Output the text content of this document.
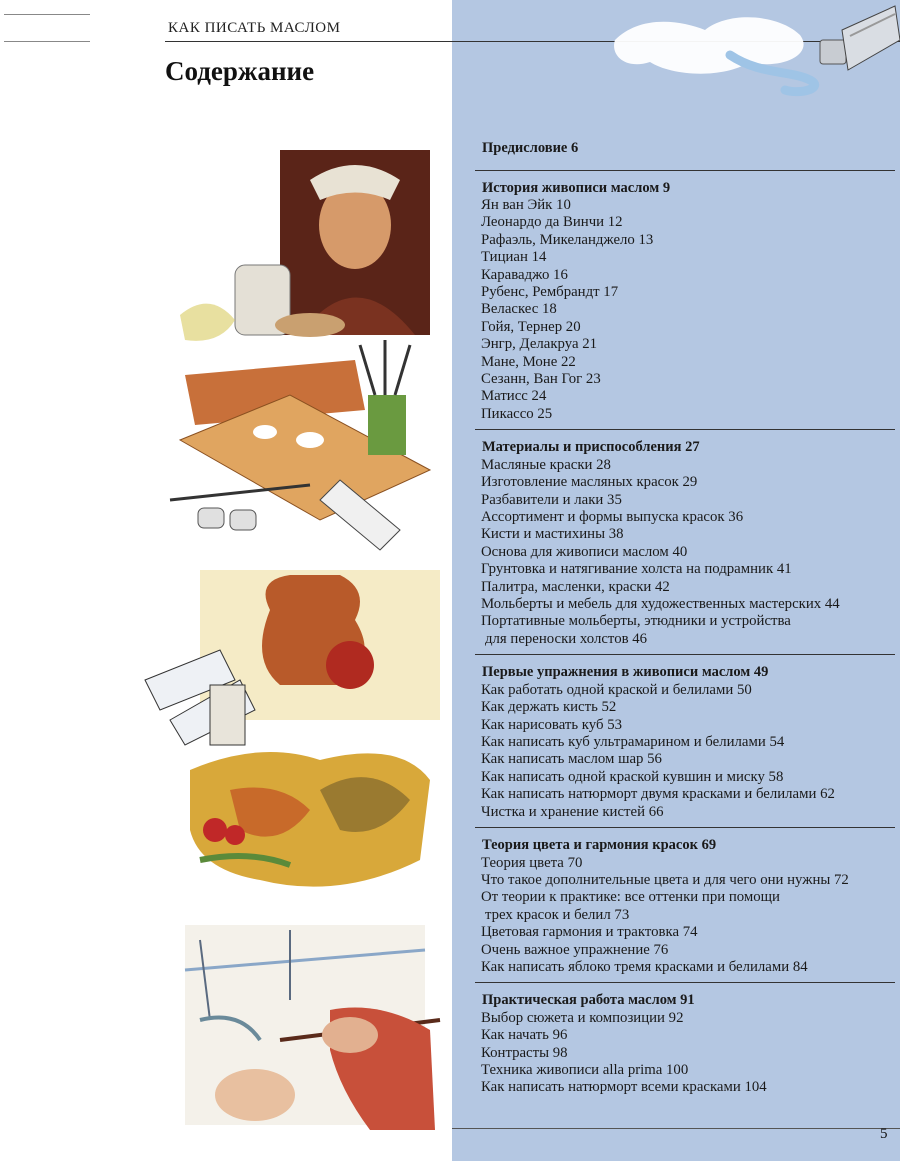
КАК ПИСАТЬ МАСЛОМ
Содержание
Предисловие 6
История живописи маслом 9
Ян ван Эйк 10
Леонардо да Винчи 12
Рафаэль, Микеланджело 13
Тициан 14
Караваджо 16
Рубенс, Рембрандт 17
Веласкес 18
Гойя, Тернер 20
Энгр, Делакруа 21
Мане, Моне 22
Сезанн, Ван Гог 23
Матисс 24
Пикассо 25
Материалы и приспособления 27
Масляные краски 28
Изготовление масляных красок 29
Разбавители и лаки 35
Ассортимент и формы выпуска красок 36
Кисти и мастихины 38
Основа для живописи маслом 40
Грунтовка и натягивание холста на подрамник 41
Палитра, масленки, краски 42
Мольберты и мебель для художественных мастерских 44
Портативные мольберты, этюдники и устройства
для переноски холстов 46
Первые упражнения в живописи маслом 49
Как работать одной краской и белилами 50
Как держать кисть 52
Как нарисовать куб 53
Как написать куб ультрамарином и белилами 54
Как написать маслом шар 56
Как написать одной краской кувшин и миску 58
Как написать натюрморт двумя красками и белилами 62
Чистка и хранение кистей 66
Теория цвета и гармония красок 69
Теория цвета 70
Что такое дополнительные цвета и для чего они нужны 72
От теории к практике: все оттенки при помощи
трех красок и белил 73
Цветовая гармония и трактовка 74
Очень важное упражнение 76
Как написать яблоко тремя красками и белилами 84
Практическая работа маслом 91
Выбор сюжета и композиции 92
Как начать 96
Контрасты 98
Техника живописи alla prima 100
Как написать натюрморт всеми красками 104
5
